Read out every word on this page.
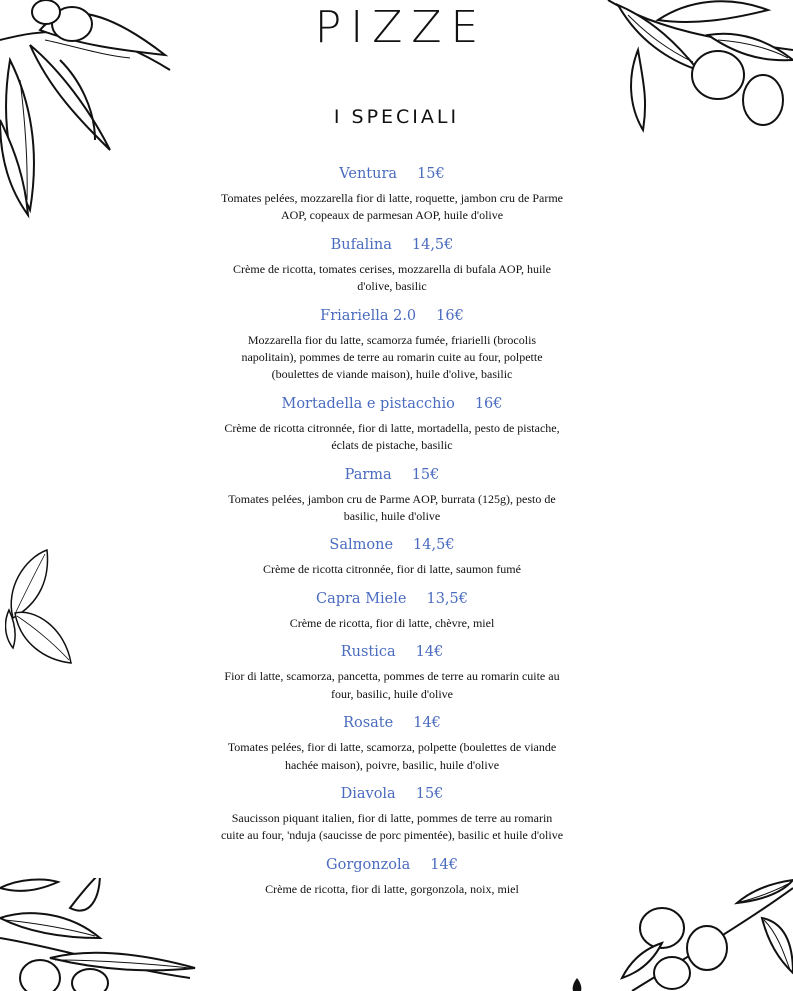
PIZZE
I SPECIALI
Ventura 15€
Tomates pelées, mozzarella fior di latte, roquette, jambon cru de Parme AOP, copeaux de parmesan AOP, huile d'olive
Bufalina 14,5€
Crème de ricotta, tomates cerises, mozzarella di bufala AOP, huile d'olive, basilic
Friariella 2.0 16€
Mozzarella fior du latte, scamorza fumée, friarielli (brocolis napolitain), pommes de terre au romarin cuite au four, polpette (boulettes de viande maison), huile d'olive, basilic
Mortadella e pistacchio 16€
Crème de ricotta citronnée, fior di latte, mortadella, pesto de pistache, éclats de pistache, basilic
Parma 15€
Tomates pelées, jambon cru de Parme AOP, burrata (125g), pesto de basilic, huile d'olive
Salmone 14,5€
Crème de ricotta citronnée, fior di latte, saumon fumé
Capra Miele 13,5€
Crème de ricotta, fior di latte, chèvre, miel
Rustica 14€
Fior di latte, scamorza, pancetta, pommes de terre au romarin cuite au four, basilic, huile d'olive
Rosate 14€
Tomates pelées, fior di latte, scamorza, polpette (boulettes de viande hachée maison), poivre, basilic, huile d'olive
Diavola 15€
Saucisson piquant italien, fior di latte, pommes de terre au romarin cuite au four, 'nduja (saucisse de porc pimentée), basilic et huile d'olive
Gorgonzola 14€
Crème de ricotta, fior di latte, gorgonzola, noix, miel
